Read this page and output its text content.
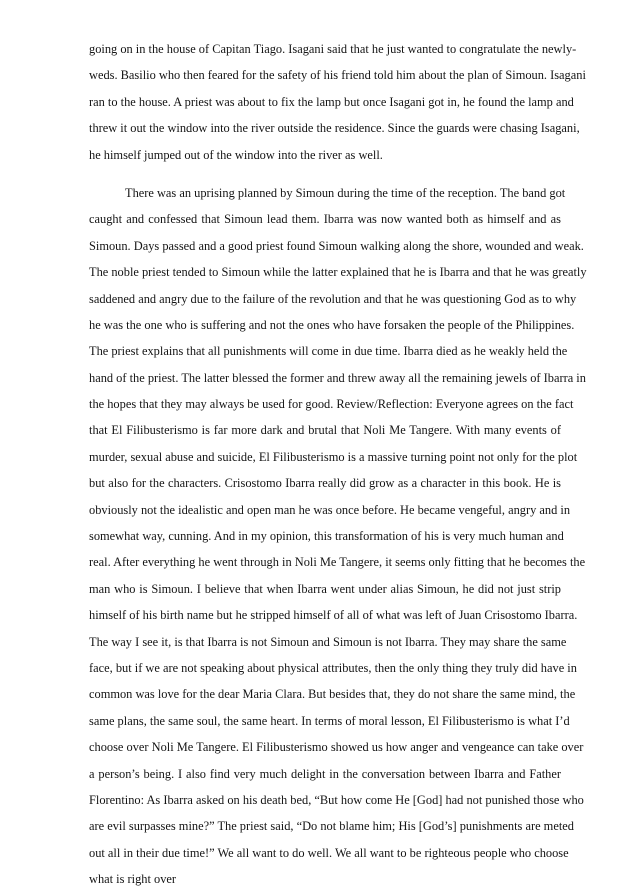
going on in the house of Capitan Tiago. Isagani said that he just wanted to congratulate the newly-
weds. Basilio who then feared for the safety of his friend told him about the plan of Simoun. Isagani
ran to the house. A priest was about to fix the lamp but once Isagani got in, he found the lamp and
threw it out the window into the river outside the residence. Since the guards were chasing Isagani,
he himself jumped out of the window into the river as well.
There was an uprising planned by Simoun during the time of the reception. The band got
caught and confessed that Simoun lead them. Ibarra was now wanted both as himself and as
Simoun. Days passed and a good priest found Simoun walking along the shore, wounded and weak.
The noble priest tended to Simoun while the latter explained that he is Ibarra and that he was greatly
saddened and angry due to the failure of the revolution and that he was questioning God as to why
he was the one who is suffering and not the ones who have forsaken the people of the Philippines.
The priest explains that all punishments will come in due time. Ibarra died as he weakly held the
hand of the priest. The latter blessed the former and threw away all the remaining jewels of Ibarra in
the hopes that they may always be used for good. Review/Reflection: Everyone agrees on the fact
that El Filibusterismo is far more dark and brutal that Noli Me Tangere. With many events of
murder, sexual abuse and suicide, El Filibusterismo is a massive turning point not only for the plot
but also for the characters. Crisostomo Ibarra really did grow as a character in this book. He is
obviously not the idealistic and open man he was once before. He became vengeful, angry and in
somewhat way, cunning. And in my opinion, this transformation of his is very much human and
real. After everything he went through in Noli Me Tangere, it seems only fitting that he becomes the
man who is Simoun. I believe that when Ibarra went under alias Simoun, he did not just strip
himself of his birth name but he stripped himself of all of what was left of Juan Crisostomo Ibarra.
The way I see it, is that Ibarra is not Simoun and Simoun is not Ibarra. They may share the same
face, but if we are not speaking about physical attributes, then the only thing they truly did have in
common was love for the dear Maria Clara. But besides that, they do not share the same mind, the
same plans, the same soul, the same heart. In terms of moral lesson, El Filibusterismo is what I’d
choose over Noli Me Tangere. El Filibusterismo showed us how anger and vengeance can take over
a person’s being. I also find very much delight in the conversation between Ibarra and Father
Florentino: As Ibarra asked on his death bed, “But how come He [God] had not punished those who
are evil surpasses mine?” The priest said, “Do not blame him; His [God’s] punishments are meted
out all in their due time!” We all want to do well. We all want to be righteous people who choose
what is right over
